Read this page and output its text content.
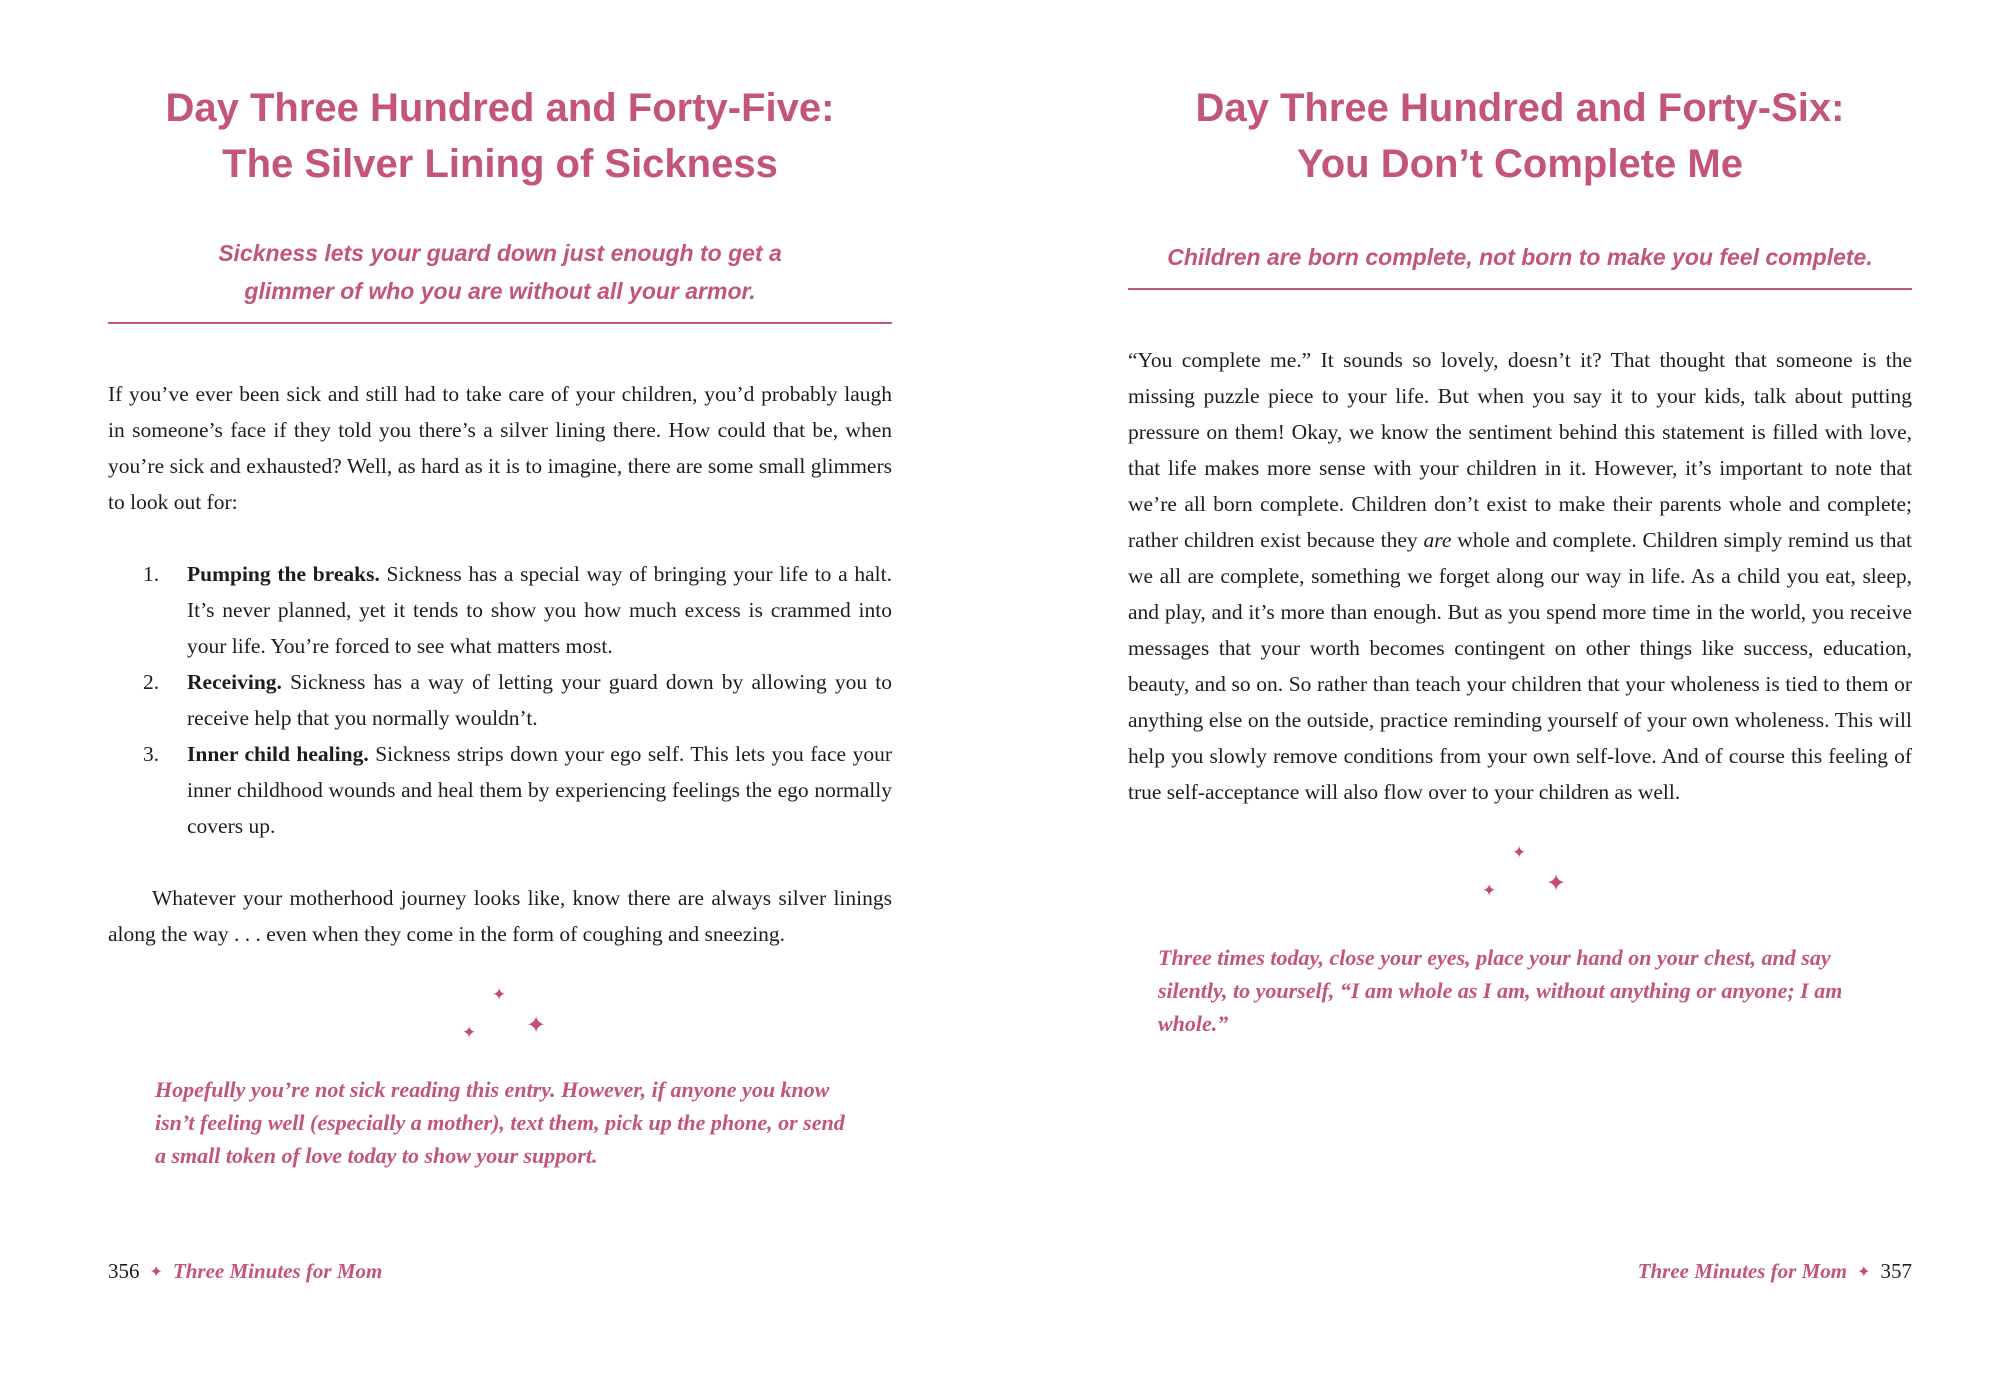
Day Three Hundred and Forty-Five:
The Silver Lining of Sickness
Sickness lets your guard down just enough to get a
glimmer of who you are without all your armor.

If you’ve ever been sick and still had to take care of your children, you’d probably laugh in someone’s face if they told you there’s a silver lining there. How could that be, when you’re sick and exhausted? Well, as hard as it is to imagine, there are some small glimmers to look out for:

1. Pumping the breaks. Sickness has a special way of bringing your life to a halt. It’s never planned, yet it tends to show you how much excess is crammed into your life. You’re forced to see what matters most.
2. Receiving. Sickness has a way of letting your guard down by allowing you to receive help that you normally wouldn’t.
3. Inner child healing. Sickness strips down your ego self. This lets you face your inner childhood wounds and heal them by experiencing feelings the ego normally covers up.

Whatever your motherhood journey looks like, know there are always silver linings along the way . . . even when they come in the form of coughing and sneezing.

✦
✦ ✦

Hopefully you’re not sick reading this entry. However, if anyone you know isn’t feeling well (especially a mother), text them, pick up the phone, or send a small token of love today to show your support.

356 ✦ Three Minutes for Mom
Day Three Hundred and Forty-Six:
You Don’t Complete Me
Children are born complete, not born to make you feel complete.

“You complete me.” It sounds so lovely, doesn’t it? That thought that someone is the missing puzzle piece to your life. But when you say it to your kids, talk about putting pressure on them! Okay, we know the sentiment behind this statement is filled with love, that life makes more sense with your children in it. However, it’s important to note that we’re all born complete. Children don’t exist to make their parents whole and complete; rather children exist because they are whole and complete. Children simply remind us that we all are complete, something we forget along our way in life. As a child you eat, sleep, and play, and it’s more than enough. But as you spend more time in the world, you receive messages that your worth becomes contingent on other things like success, education, beauty, and so on. So rather than teach your children that your wholeness is tied to them or anything else on the outside, practice reminding yourself of your own wholeness. This will help you slowly remove conditions from your own self-love. And of course this feeling of true self-acceptance will also flow over to your children as well.

✦
✦ ✦

Three times today, close your eyes, place your hand on your chest, and say silently, to yourself, “I am whole as I am, without anything or anyone; I am whole.”

Three Minutes for Mom ✦ 357
